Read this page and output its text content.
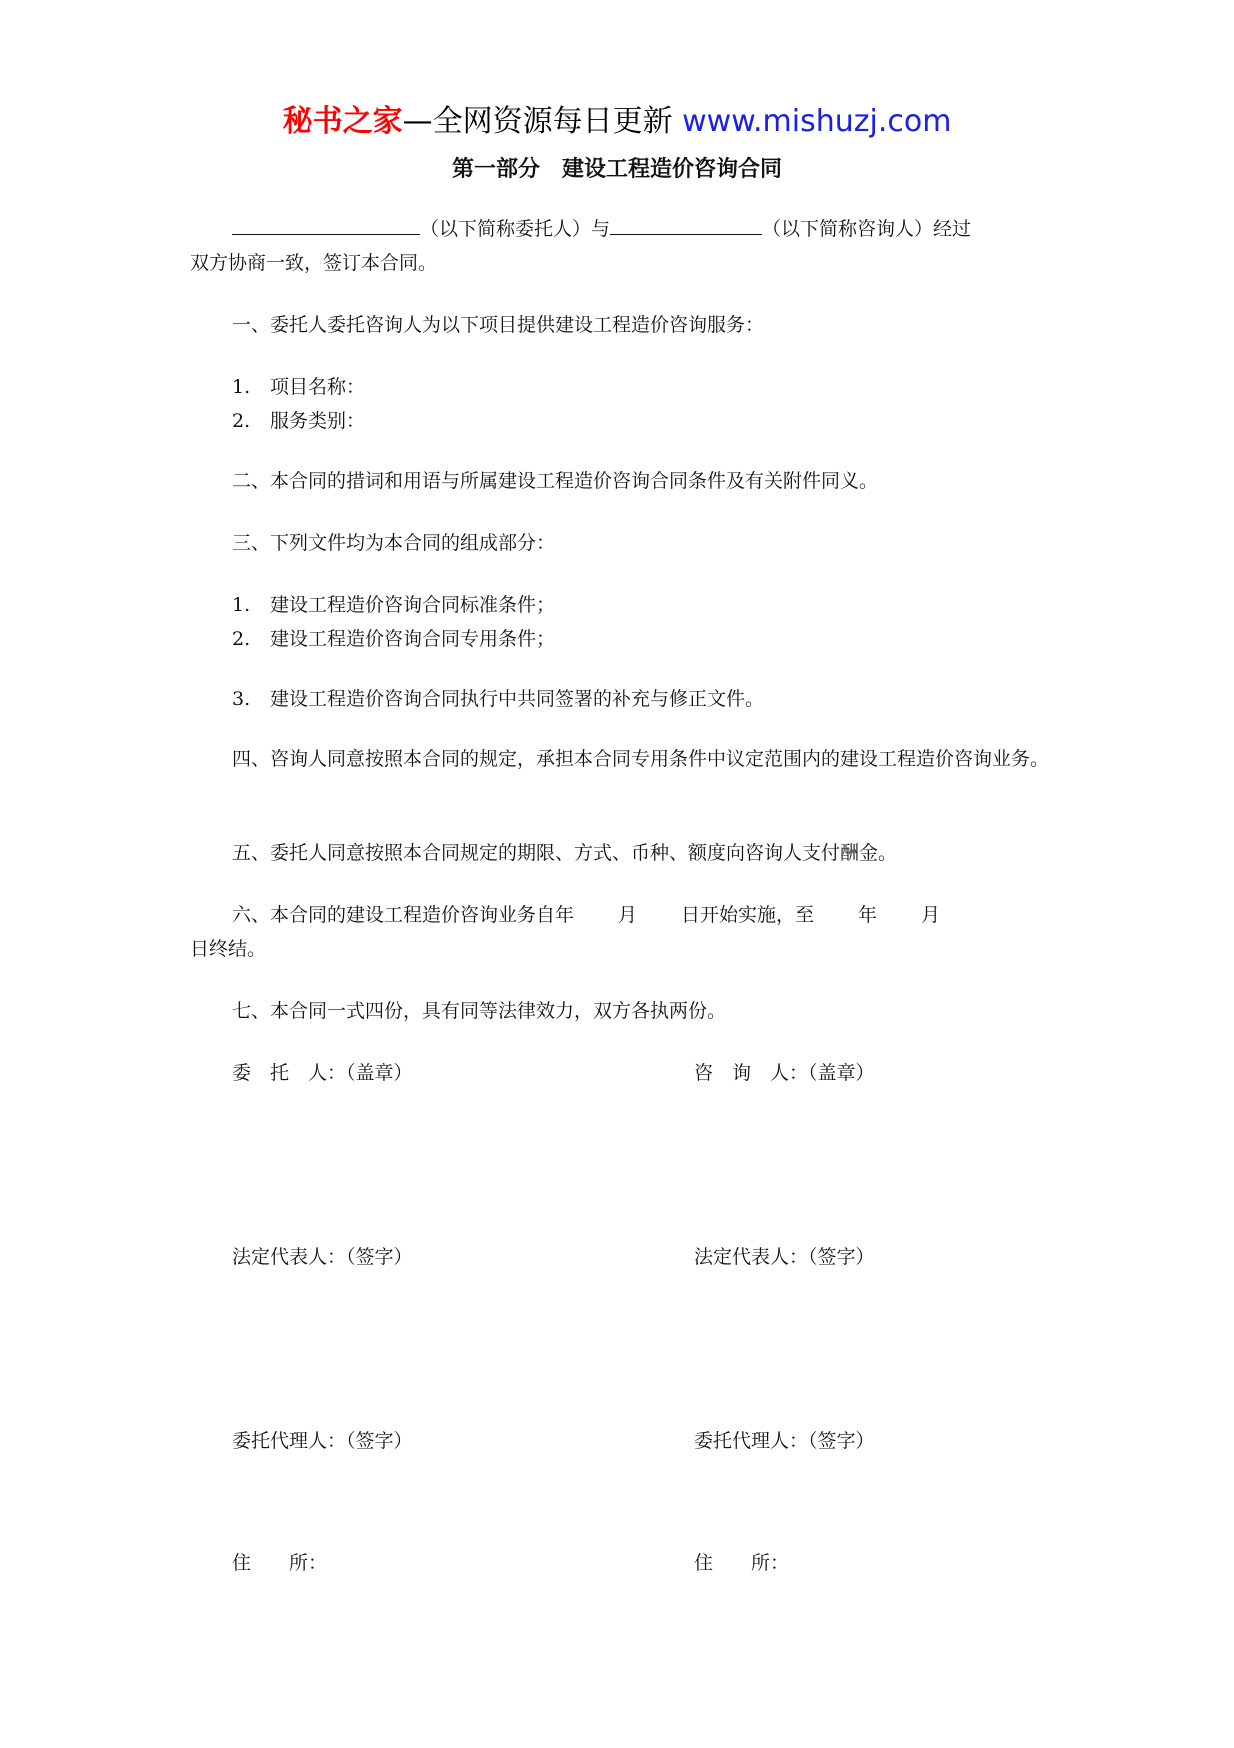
秘书之家—全网资源每日更新 www.mishuzj.com
第一部分 建设工程造价咨询合同
（以下简称委托人）与	（以下简称咨询人）经过
双方协商一致，签订本合同。
一、委托人委托咨询人为以下项目提供建设工程造价咨询服务：
1. 项目名称：
2. 服务类别：
二、本合同的措词和用语与所属建设工程造价咨询合同条件及有关附件同义。
三、下列文件均为本合同的组成部分：
1. 建设工程造价咨询合同标准条件；
2. 建设工程造价咨询合同专用条件；
3. 建设工程造价咨询合同执行中共同签署的补充与修正文件。
四、咨询人同意按照本合同的规定，承担本合同专用条件中议定范围内的建设工程造价咨询业务。
五、委托人同意按照本合同规定的期限、方式、币种、额度向咨询人支付酬金。
六、本合同的建设工程造价咨询业务自年 月 日开始实施，至 年 月
日终结。
七、本合同一式四份，具有同等法律效力，双方各执两份。
委　托　人：（盖章）	咨　询　人：（盖章）
法定代表人：（签字）	法定代表人：（签字）
委托代理人：（签字）	委托代理人：（签字）
住　　所：	住　　所：
